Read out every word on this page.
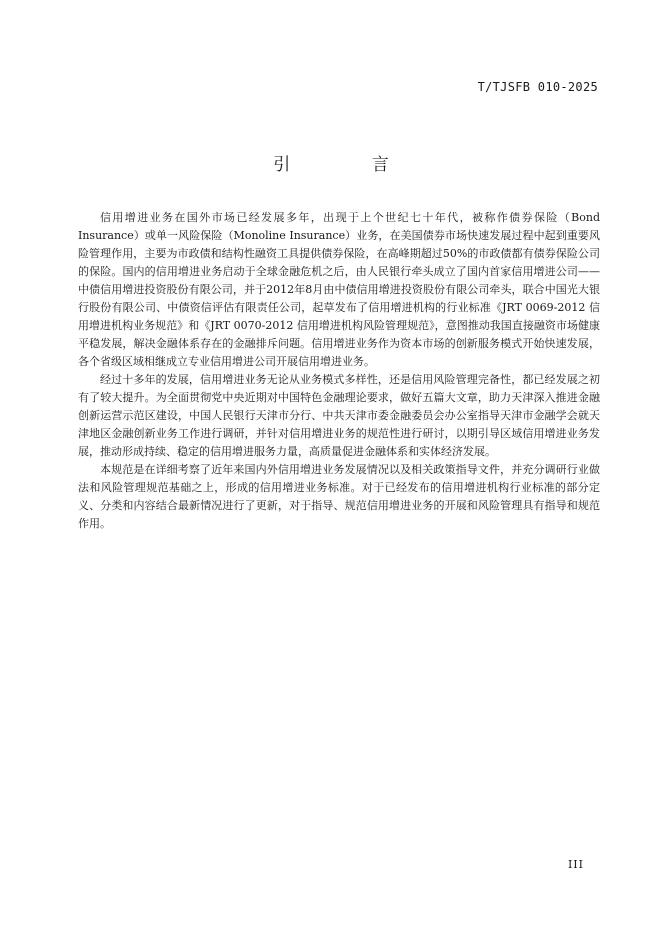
T/TJSFB 010-2025
引 言

信用增进业务在国外市场已经发展多年，出现于上个世纪七十年代，被称作债券保险（Bond Insurance）或单一风险保险（Monoline Insurance）业务，在美国债券市场快速发展过程中起到重要风险管理作用，主要为市政债和结构性融资工具提供债券保险，在高峰期超过50%的市政债都有债券保险公司的保险。国内的信用增进业务启动于全球金融危机之后，由人民银行牵头成立了国内首家信用增进公司——中债信用增进投资股份有限公司，并于2012年8月由中债信用增进投资股份有限公司牵头，联合中国光大银行股份有限公司、中债资信评估有限责任公司，起草发布了信用增进机构的行业标准《JRT 0069-2012 信用增进机构业务规范》和《JRT 0070-2012 信用增进机构风险管理规范》，意图推动我国直接融资市场健康平稳发展，解决金融体系存在的金融排斥问题。信用增进业务作为资本市场的创新服务模式开始快速发展，各个省级区域相继成立专业信用增进公司开展信用增进业务。

经过十多年的发展，信用增进业务无论从业务模式多样性，还是信用风险管理完备性，都已经发展之初有了较大提升。为全面贯彻党中央近期对中国特色金融理论要求，做好五篇大文章，助力天津深入推进金融创新运营示范区建设，中国人民银行天津市分行、中共天津市委金融委员会办公室指导天津市金融学会就天津地区金融创新业务工作进行调研，并针对信用增进业务的规范性进行研讨，以期引导区域信用增进业务发展，推动形成持续、稳定的信用增进服务力量，高质量促进金融体系和实体经济发展。

本规范是在详细考察了近年来国内外信用增进业务发展情况以及相关政策指导文件，并充分调研行业做法和风险管理规范基础之上，形成的信用增进业务标准。对于已经发布的信用增进机构行业标准的部分定义、分类和内容结合最新情况进行了更新，对于指导、规范信用增进业务的开展和风险管理具有指导和规范作用。

III
